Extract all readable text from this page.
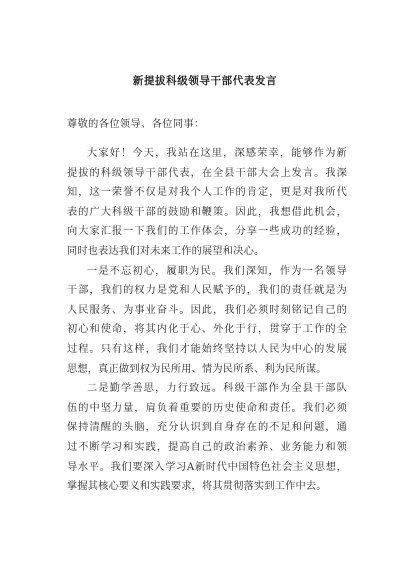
新提拔科级领导干部代表发言
尊敬的各位领导、各位同事：
大家好！今天，我站在这里，深感荣幸，能够作为新
提拔的科级领导干部代表，在全县干部大会上发言。我深
知，这一荣誉不仅是对我个人工作的肯定，更是对我所代
表的广大科级干部的鼓励和鞭策。因此，我想借此机会，
向大家汇报一下我们的工作体会，分享一些成功的经验，
同时也表达我们对未来工作的展望和决心。
一是不忘初心，履职为民。我们深知，作为一名领导
干部，我们的权力是党和人民赋予的，我们的责任就是为
人民服务、为事业奋斗。因此，我们必须时刻铭记自己的
初心和使命，将其内化于心、外化于行，贯穿于工作的全
过程。只有这样，我们才能始终坚持以人民为中心的发展
思想，真正做到权为民所用、情为民所系、利为民所谋。
二是勤学善思，力行致远。科级干部作为全县干部队
伍的中坚力量，肩负着重要的历史使命和责任。我们必须
保持清醒的头脑，充分认识到自身存在的不足和问题，通
过不断学习和实践，提高自己的政治素养、业务能力和领
导水平。我们要深入学习A新时代中国特色社会主义思想，
掌握其核心要义和实践要求，将其贯彻落实到工作中去。
